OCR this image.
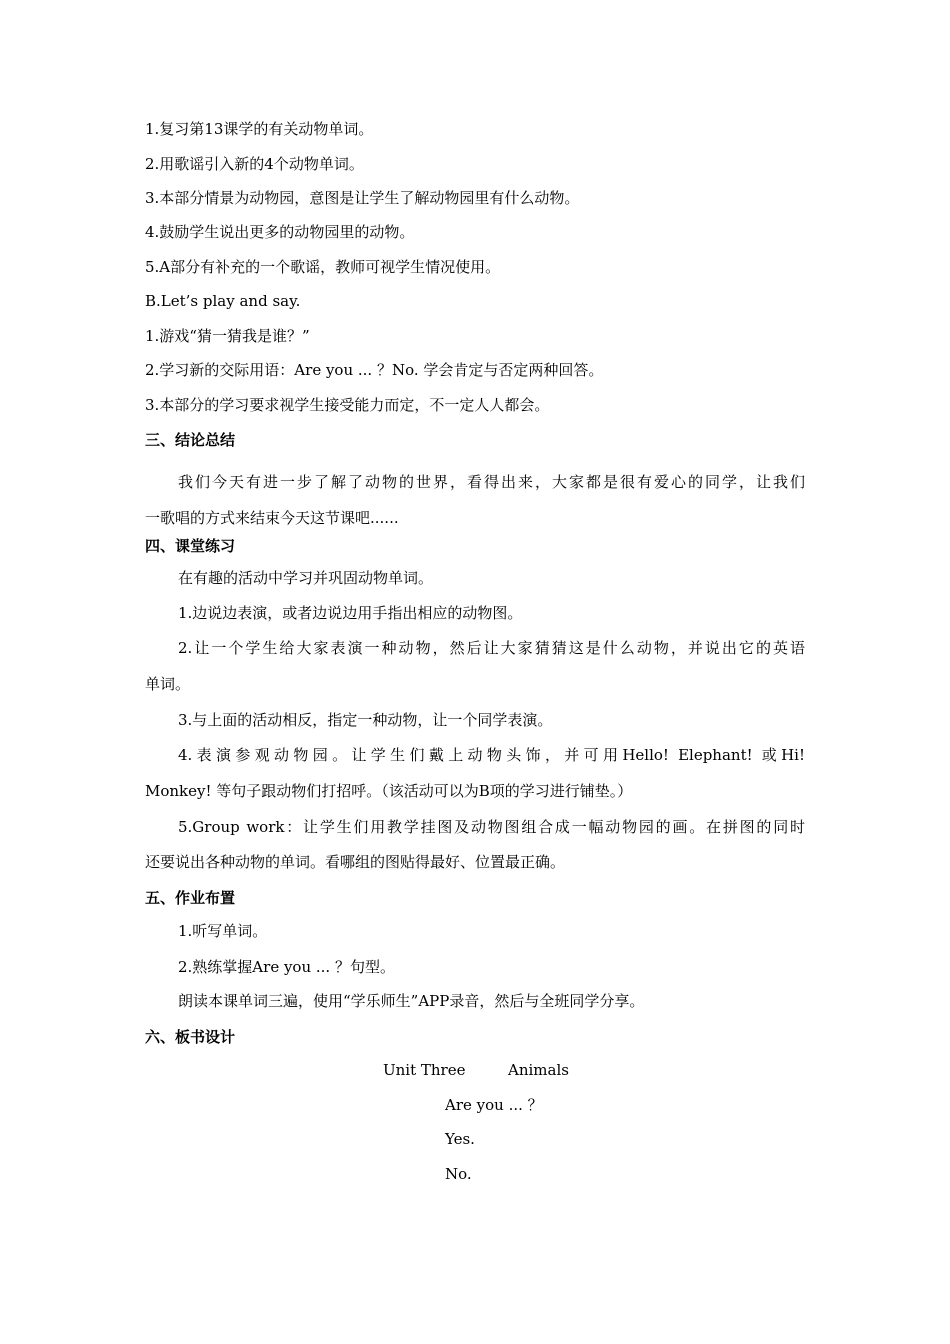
1.复习第13课学的有关动物单词。
2.用歌谣引入新的4个动物单词。
3.本部分情景为动物园，意图是让学生了解动物园里有什么动物。
4.鼓励学生说出更多的动物园里的动物。
5.A部分有补充的一个歌谣，教师可视学生情况使用。
B.Let’s play and say.
1.游戏“猜一猜我是谁？”
2.学习新的交际用语：Are you ... ？No. 学会肯定与否定两种回答。
3.本部分的学习要求视学生接受能力而定，不一定人人都会。
三、结论总结
我们今天有进一步了解了动物的世界，看得出来，大家都是很有爱心的同学，让我们
一歌唱的方式来结束今天这节课吧......
四、课堂练习
在有趣的活动中学习并巩固动物单词。
1.边说边表演，或者边说边用手指出相应的动物图。
2.让一个学生给大家表演一种动物，然后让大家猜猜这是什么动物，并说出它的英语
单词。
3.与上面的活动相反，指定一种动物，让一个同学表演。
4.表演参观动物园。让学生们戴上动物头饰，并可用Hello! Elephant! 或Hi!
Monkey! 等句子跟动物们打招呼。（该活动可以为B项的学习进行铺垫。）
5.Group work：让学生们用教学挂图及动物图组合成一幅动物园的画。在拼图的同时
还要说出各种动物的单词。看哪组的图贴得最好、位置最正确。
五、作业布置
1.听写单词。
2.熟练掌握Are you ... ？句型。
朗读本课单词三遍，使用“学乐师生”APP录音，然后与全班同学分享。
六、板书设计
Unit Three	Animals
Are you ... ？
Yes.
No.
